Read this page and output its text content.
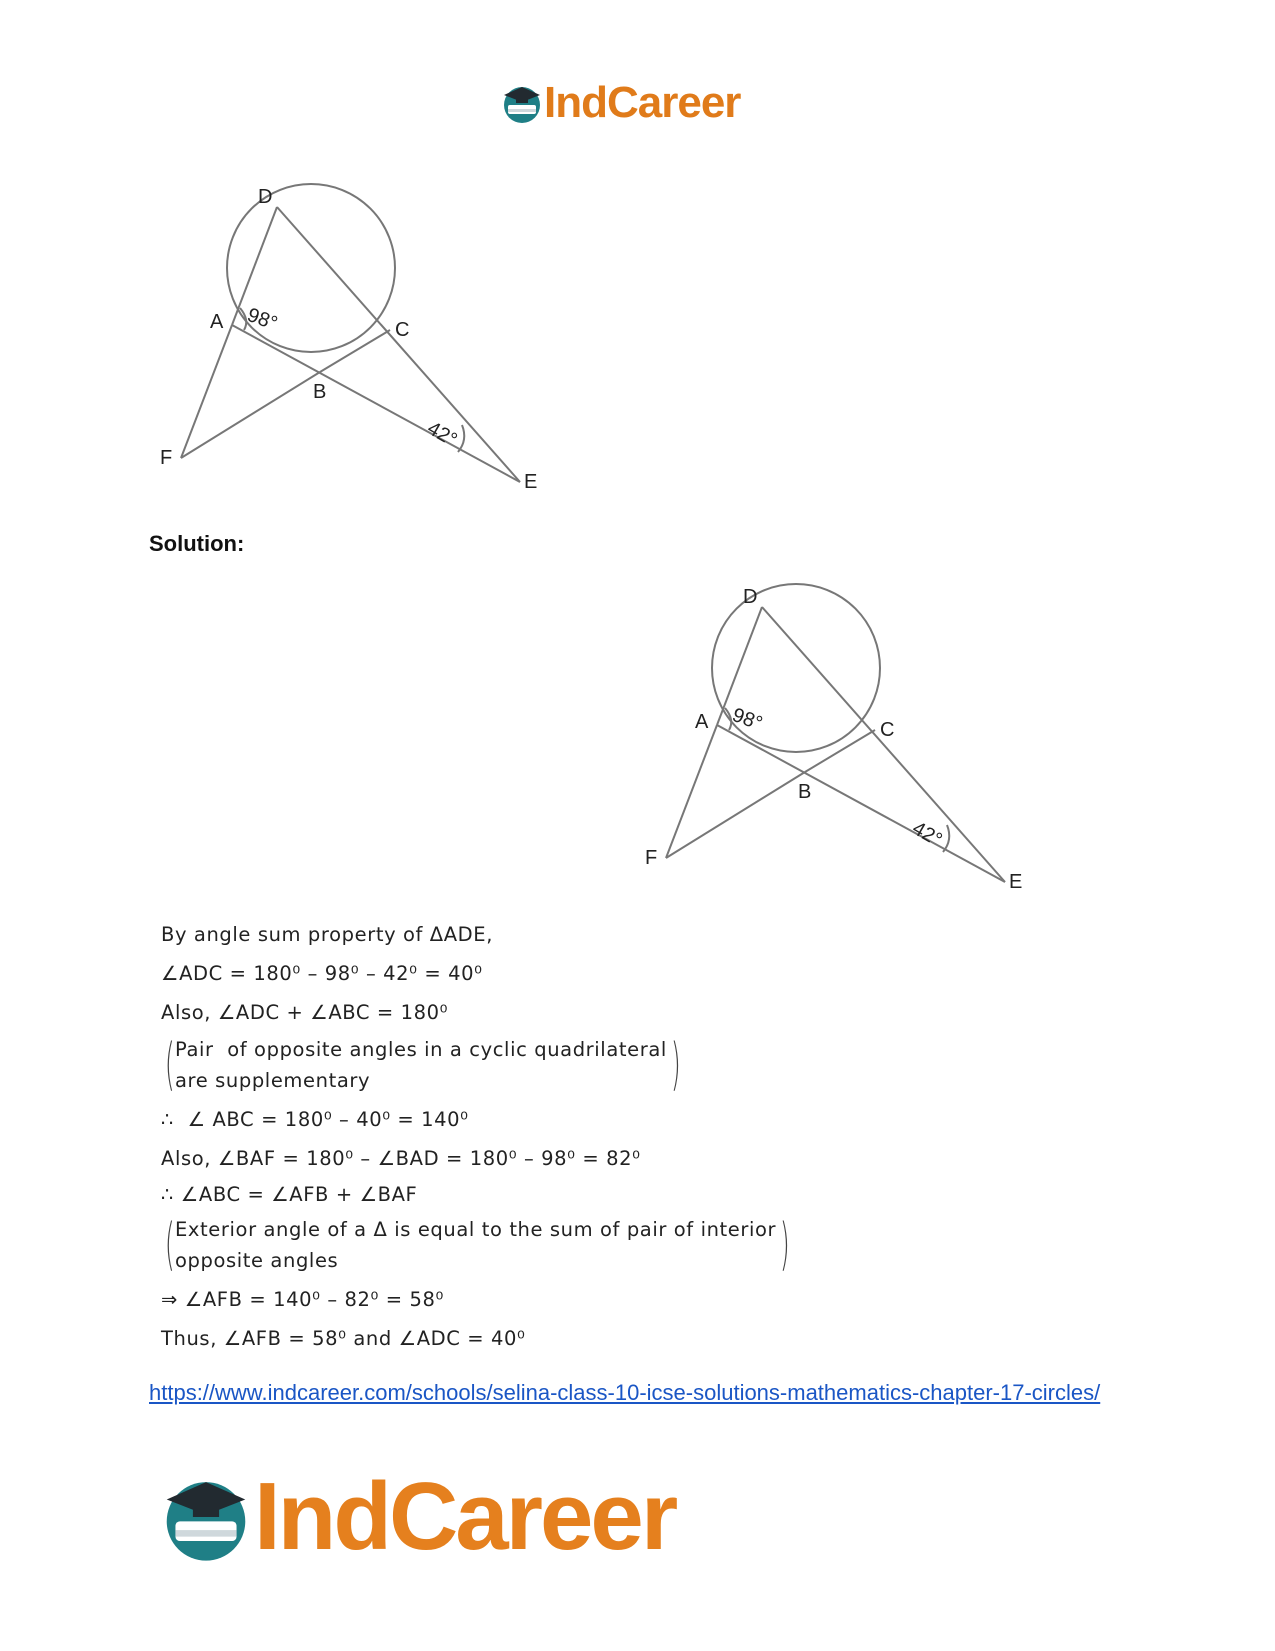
IndCareer
D
A	C
B
F
E
98°
42°
Solution:
D
A	C
B
F
E
98°
42°
By angle sum property of ΔADE,
∠ADC = 180⁰ – 98⁰ – 42⁰ = 40⁰
Also, ∠ADC + ∠ABC = 180⁰
( Pair  of opposite angles in a cyclic quadrilateral
are supplementary	)
∴  ∠ ABC = 180⁰ – 40⁰ = 140⁰
Also, ∠BAF = 180⁰ – ∠BAD = 180⁰ – 98⁰ = 82⁰
∴ ∠ABC = ∠AFB + ∠BAF
( Exterior angle of a Δ is equal to the sum of pair of interior
opposite angles	)
⇒ ∠AFB = 140⁰ – 82⁰ = 58⁰
Thus, ∠AFB = 58⁰ and ∠ADC = 40⁰
https://www.indcareer.com/schools/selina-class-10-icse-solutions-mathematics-chapter-17-circles/
IndCareer
